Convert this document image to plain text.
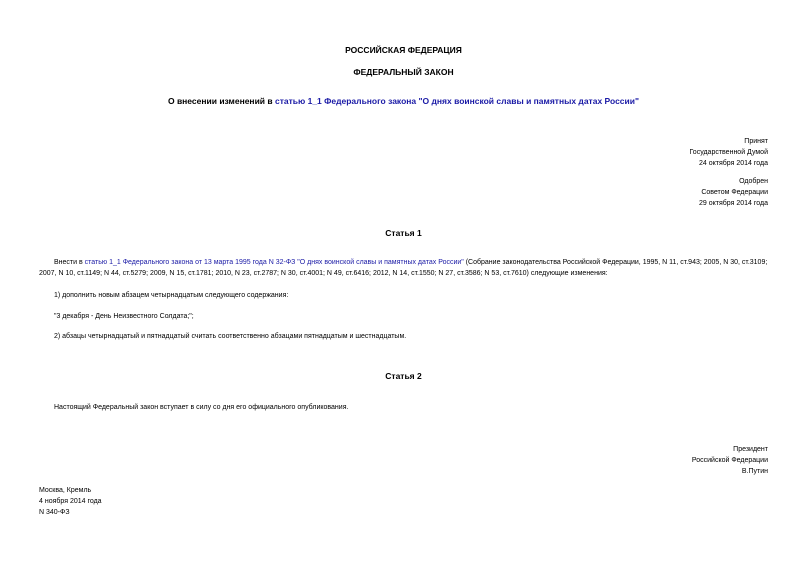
РОССИЙСКАЯ ФЕДЕРАЦИЯ
ФЕДЕРАЛЬНЫЙ ЗАКОН
О внесении изменений в статью 1_1 Федерального закона "О днях воинской славы и памятных датах России"
Принят
Государственной Думой
24 октября 2014 года
Одобрен
Советом Федерации
29 октября 2014 года
Статья 1
Внести в статью 1_1 Федерального закона от 13 марта 1995 года N 32-ФЗ "О днях воинской славы и памятных датах России" (Собрание законодательства Российской Федерации, 1995, N 11, ст.943; 2005, N 30, ст.3109; 2007, N 10, ст.1149; N 44, ст.5279; 2009, N 15, ст.1781; 2010, N 23, ст.2787; N 30, ст.4001; N 49, ст.6416; 2012, N 14, ст.1550; N 27, ст.3586; N 53, ст.7610) следующие изменения:
1) дополнить новым абзацем четырнадцатым следующего содержания:
"3 декабря - День Неизвестного Солдата;";
2) абзацы четырнадцатый и пятнадцатый считать соответственно абзацами пятнадцатым и шестнадцатым.
Статья 2
Настоящий Федеральный закон вступает в силу со дня его официального опубликования.
Президент
Российской Федерации
В.Путин
Москва, Кремль
4 ноября 2014 года
N 340-ФЗ
